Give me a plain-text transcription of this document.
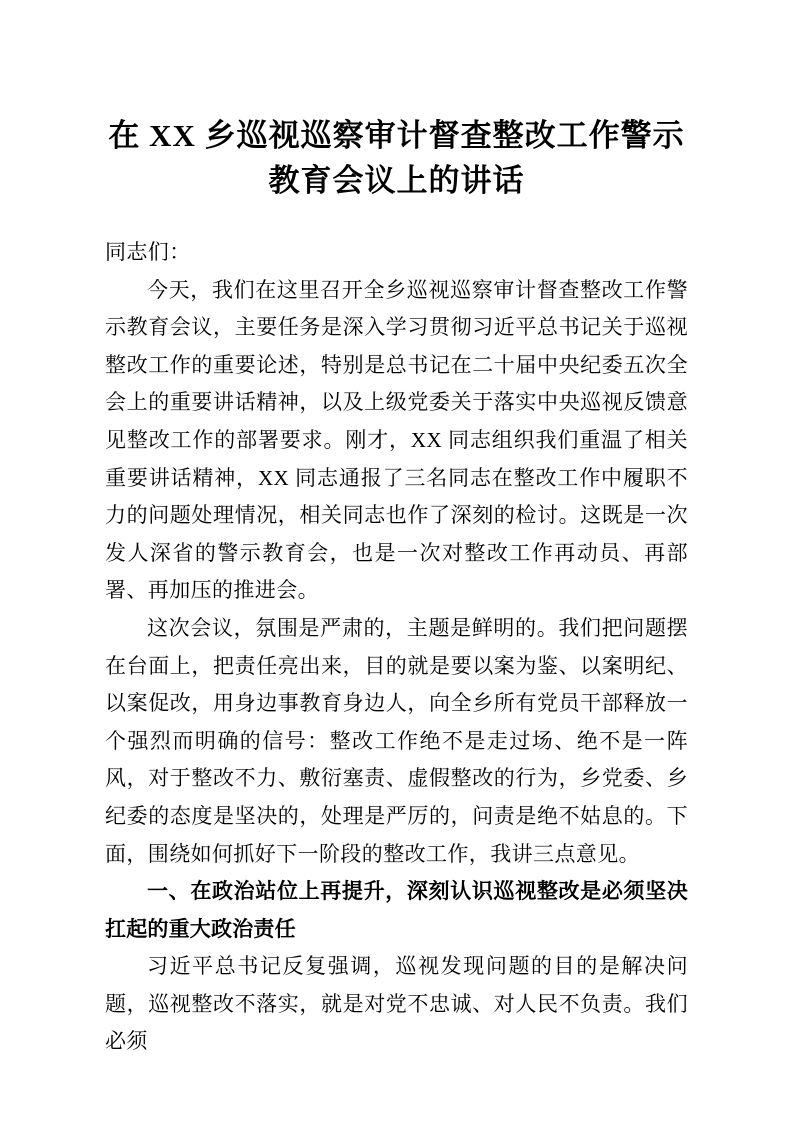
在 XX 乡巡视巡察审计督查整改工作警示
教育会议上的讲话

同志们：

今天，我们在这里召开全乡巡视巡察审计督查整改工作警示教育会议，主要任务是深入学习贯彻习近平总书记关于巡视整改工作的重要论述，特别是总书记在二十届中央纪委五次全会上的重要讲话精神，以及上级党委关于落实中央巡视反馈意见整改工作的部署要求。刚才，XX 同志组织我们重温了相关重要讲话精神，XX 同志通报了三名同志在整改工作中履职不力的问题处理情况，相关同志也作了深刻的检讨。这既是一次发人深省的警示教育会，也是一次对整改工作再动员、再部署、再加压的推进会。

这次会议，氛围是严肃的，主题是鲜明的。我们把问题摆在台面上，把责任亮出来，目的就是要以案为鉴、以案明纪、以案促改，用身边事教育身边人，向全乡所有党员干部释放一个强烈而明确的信号：整改工作绝不是走过场、绝不是一阵风，对于整改不力、敷衍塞责、虚假整改的行为，乡党委、乡纪委的态度是坚决的，处理是严厉的，问责是绝不姑息的。下面，围绕如何抓好下一阶段的整改工作，我讲三点意见。

一、在政治站位上再提升，深刻认识巡视整改是必须坚决扛起的重大政治责任

习近平总书记反复强调，巡视发现问题的目的是解决问题，巡视整改不落实，就是对党不忠诚、对人民不负责。我们必须
